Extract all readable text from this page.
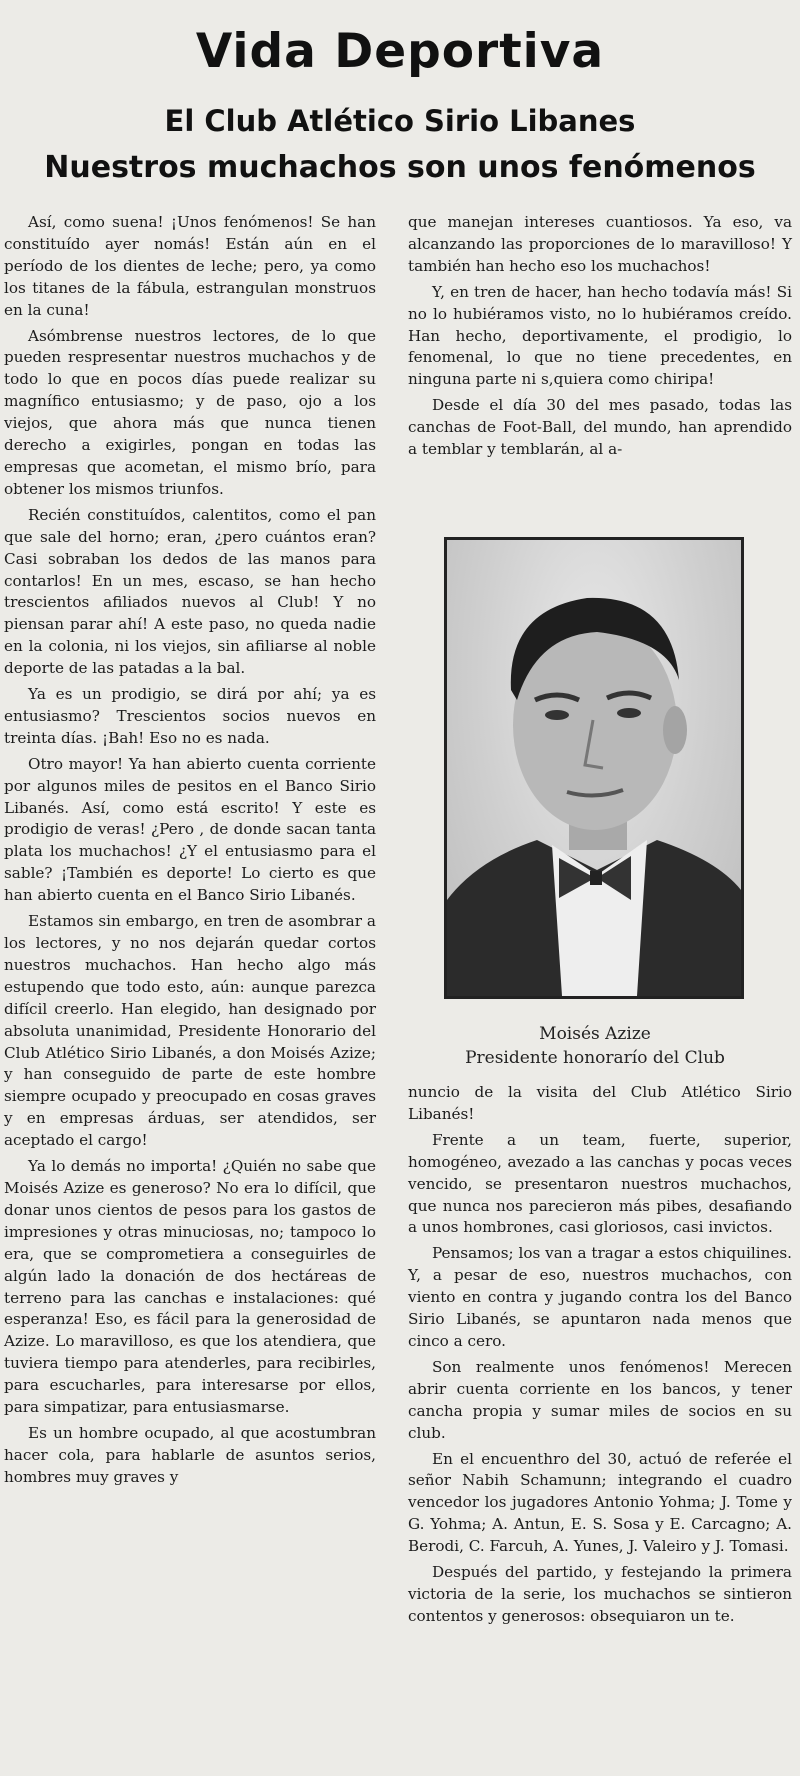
Vida Deportiva
El Club Atlético Sirio Libanes
Nuestros muchachos son unos fenómenos

Así, como suena! ¡Unos fenómenos! Se han constituído ayer nomás! Están aún en el período de los dientes de leche; pero, ya como los titanes de la fábula, estrangulan monstruos en la cuna!

Asómbrense nuestros lectores, de lo que pueden respresentar nuestros muchachos y de todo lo que en pocos días puede realizar su magnífico entusiasmo; y de paso, ojo a los viejos, que ahora más que nunca tienen derecho a exigirles, pongan en todas las empresas que acometan, el mismo brío, para obtener los mismos triunfos.

Recién constituídos, calentitos, como el pan que sale del horno; eran, ¿pero cuántos eran? Casi sobraban los dedos de las manos para contarlos! En un mes, escaso, se han hecho trescientos afiliados nuevos al Club! Y no piensan parar ahí! A este paso, no queda nadie en la colonia, ni los viejos, sin afiliarse al noble deporte de las patadas a la bal.

Ya es un prodigio, se dirá por ahí; ya es entusiasmo? Trescientos socios nuevos en treinta días. ¡Bah! Eso no es nada.

Otro mayor! Ya han abierto cuenta corriente por algunos miles de pesitos en el Banco Sirio Libanés. Así, como está escrito! Y este es prodigio de veras! ¿Pero , de donde sacan tanta plata los muchachos! ¿Y el entusiasmo para el sable? ¡También es deporte! Lo cierto es que han abierto cuenta en el Banco Sirio Libanés.

Estamos sin embargo, en tren de asombrar a los lectores, y no nos dejarán quedar cortos nuestros muchachos. Han hecho algo más estupendo que todo esto, aún: aunque parezca difícil creerlo. Han elegido, han designado por absoluta unanimidad, Presidente Honorario del Club Atlético Sirio Libanés, a don Moisés Azize; y han conseguido de parte de este hombre siempre ocupado y preocupado en cosas graves y en empresas árduas, ser atendidos, ser aceptado el cargo!

Ya lo demás no importa! ¿Quién no sabe que Moisés Azize es generoso? No era lo difícil, que donar unos cientos de pesos para los gastos de impresiones y otras minuciosas, no; tampoco lo era, que se comprometiera a conseguirles de algún lado la donación de dos hectáreas de terreno para las canchas e instalaciones: qué esperanza! Eso, es fácil para la generosidad de Azize. Lo maravilloso, es que los atendiera, que tuviera tiempo para atenderles, para recibirles, para escucharles, para interesarse por ellos, para simpatizar, para entusiasmarse.

Es un hombre ocupado, al que acostumbran hacer cola, para hablarle de asuntos serios, hombres muy graves y

que manejan intereses cuantiosos. Ya eso, va alcanzando las proporciones de lo maravilloso! Y también han hecho eso los muchachos!

Y, en tren de hacer, han hecho todavía más! Si no lo hubiéramos visto, no lo hubiéramos creído. Han hecho, deportivamente, el prodigio, lo fenomenal, lo que no tiene precedentes, en ninguna parte ni s,quiera como chiripa!

Desde el día 30 del mes pasado, todas las canchas de Foot-Ball, del mundo, han aprendido a temblar y temblarán, al a-

Moisés Azize
Presidente honorarío del Club

nuncio de la visita del Club Atlético Sirio Libanés!

Frente a un team, fuerte, superior, homogéneo, avezado a las canchas y pocas veces vencido, se presentaron nuestros muchachos, que nunca nos parecieron más pibes, desafiando a unos hombrones, casi gloriosos, casi invictos.

Pensamos; los van a tragar a estos chiquilines. Y, a pesar de eso, nuestros muchachos, con viento en contra y jugando contra los del Banco Sirio Libanés, se apuntaron nada menos que cinco a cero.

Son realmente unos fenómenos! Merecen abrir cuenta corriente en los bancos, y tener cancha propia y sumar miles de socios en su club.

En el encuenthro del 30, actuó de referée el señor Nabih Schamunn; integrando el cuadro vencedor los jugadores Antonio Yohma; J. Tome y G. Yohma; A. Antun, E. S. Sosa y E. Carcagno; A. Berodi, C. Farcuh, A. Yunes, J. Valeiro y J. Tomasi.

Después del partido, y festejando la primera victoria de la serie, los muchachos se sintieron contentos y generosos: obsequiaron un te.
